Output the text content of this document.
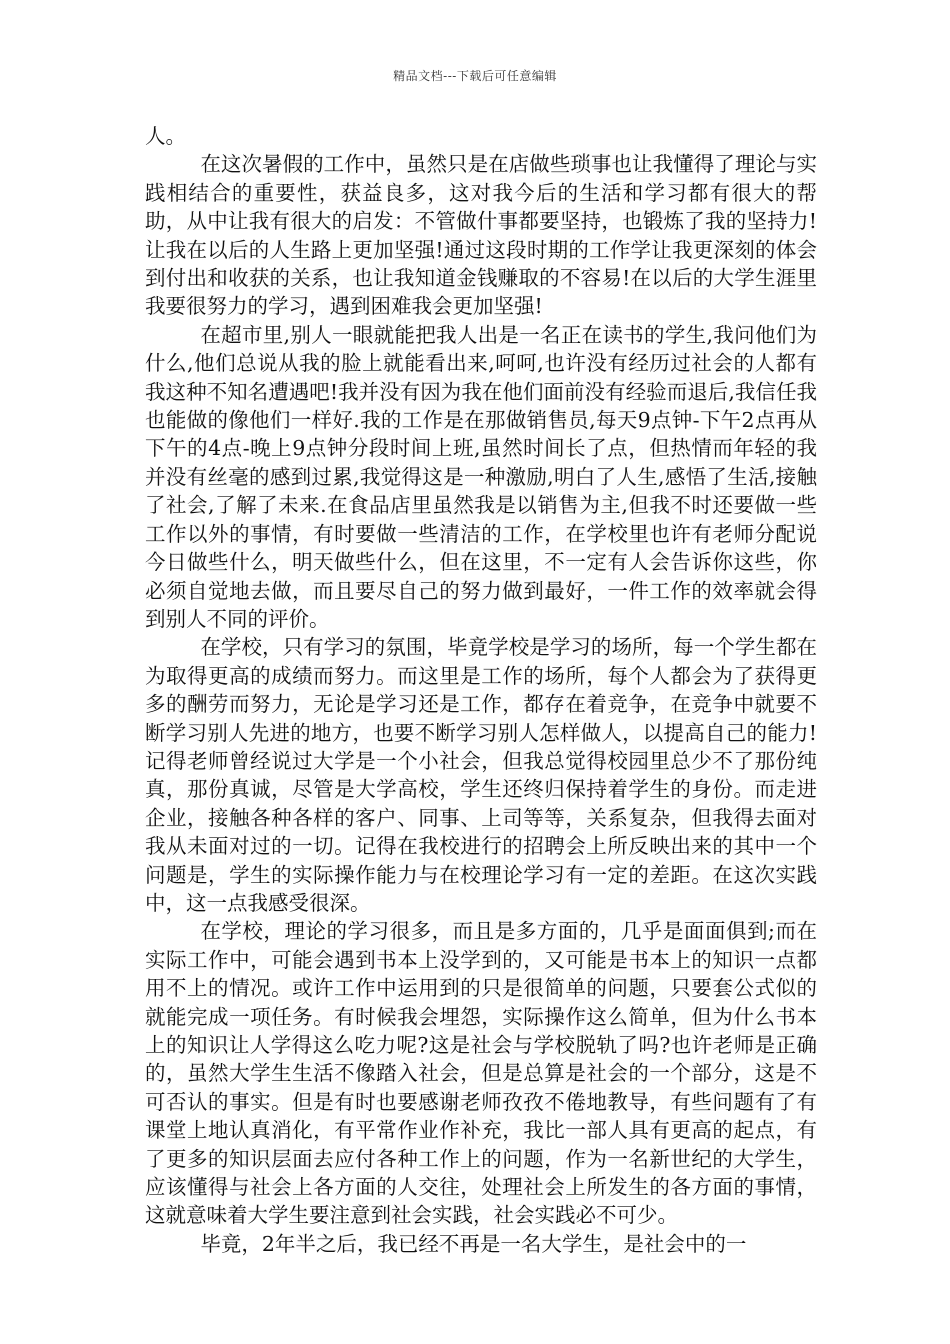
精品文档---下载后可任意编辑

人。

在这次暑假的工作中，虽然只是在店做些琐事也让我懂得了理论与实践相结合的重要性，获益良多，这对我今后的生活和学习都有很大的帮助，从中让我有很大的启发：不管做什事都要坚持，也锻炼了我的坚持力!让我在以后的人生路上更加坚强!通过这段时期的工作学让我更深刻的体会到付出和收获的关系，也让我知道金钱赚取的不容易!在以后的大学生涯里我要很努力的学习，遇到困难我会更加坚强!

在超市里,别人一眼就能把我人出是一名正在读书的学生,我问他们为什么,他们总说从我的脸上就能看出来,呵呵,也许没有经历过社会的人都有我这种不知名遭遇吧!我并没有因为我在他们面前没有经验而退后,我信任我也能做的像他们一样好.我的工作是在那做销售员,每天9点钟-下午2点再从下午的4点-晚上9点钟分段时间上班,虽然时间长了点，但热情而年轻的我并没有丝毫的感到过累,我觉得这是一种激励,明白了人生,感悟了生活,接触了社会,了解了未来.在食品店里虽然我是以销售为主,但我不时还要做一些工作以外的事情，有时要做一些清洁的工作，在学校里也许有老师分配说今日做些什么，明天做些什么，但在这里，不一定有人会告诉你这些，你必须自觉地去做，而且要尽自己的努力做到最好，一件工作的效率就会得到别人不同的评价。

在学校，只有学习的氛围，毕竟学校是学习的场所，每一个学生都在为取得更高的成绩而努力。而这里是工作的场所，每个人都会为了获得更多的酬劳而努力，无论是学习还是工作，都存在着竞争，在竞争中就要不断学习别人先进的地方，也要不断学习别人怎样做人，以提高自己的能力!记得老师曾经说过大学是一个小社会，但我总觉得校园里总少不了那份纯真，那份真诚，尽管是大学高校，学生还终归保持着学生的身份。而走进企业，接触各种各样的客户、同事、上司等等，关系复杂，但我得去面对我从未面对过的一切。记得在我校进行的招聘会上所反映出来的其中一个问题是，学生的实际操作能力与在校理论学习有一定的差距。在这次实践中，这一点我感受很深。

在学校，理论的学习很多，而且是多方面的，几乎是面面俱到;而在实际工作中，可能会遇到书本上没学到的，又可能是书本上的知识一点都用不上的情况。或许工作中运用到的只是很简单的问题，只要套公式似的就能完成一项任务。有时候我会埋怨，实际操作这么简单，但为什么书本上的知识让人学得这么吃力呢?这是社会与学校脱轨了吗?也许老师是正确的，虽然大学生生活不像踏入社会，但是总算是社会的一个部分，这是不可否认的事实。但是有时也要感谢老师孜孜不倦地教导，有些问题有了有课堂上地认真消化，有平常作业作补充，我比一部人具有更高的起点，有了更多的知识层面去应付各种工作上的问题，作为一名新世纪的大学生，应该懂得与社会上各方面的人交往，处理社会上所发生的各方面的事情，这就意味着大学生要注意到社会实践，社会实践必不可少。

毕竟，2年半之后，我已经不再是一名大学生，是社会中的一
